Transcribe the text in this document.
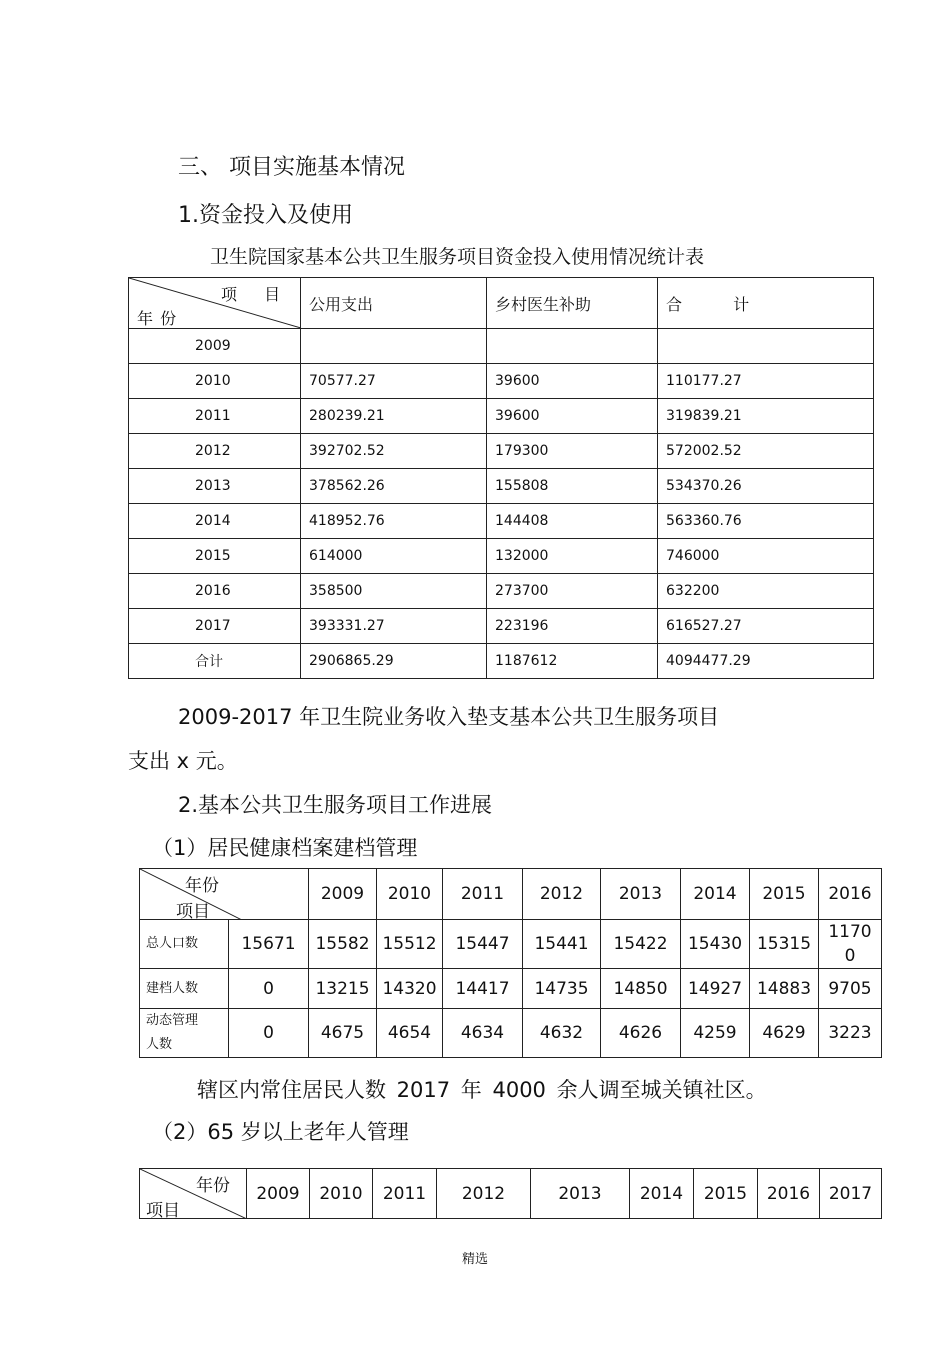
三、 项目实施基本情况
1.资金投入及使用
卫生院国家基本公共卫生服务项目资金投入使用情况统计表
项 目
年 份	公用支出	乡村医生补助	合 计
2009			
2010	70577.27	39600	110177.27
2011	280239.21	39600	319839.21
2012	392702.52	179300	572002.52
2013	378562.26	155808	534370.26
2014	418952.76	144408	563360.76
2015	614000	132000	746000
2016	358500	273700	632200
2017	393331.27	223196	616527.27
合计	2906865.29	1187612	4094477.29
2009-2017 年卫生院业务收入垫支基本公共卫生服务项目
支出 x 元。
2.基本公共卫生服务项目工作进展
（1）居民健康档案建档管理
年份
项目		2009	2010	2011	2012	2013	2014	2015	2016
总人口数	15671	15582	15512	15447	15441	15422	15430	15315	11700
建档人数	0	13215	14320	14417	14735	14850	14927	14883	9705
动态管理人数	0	4675	4654	4634	4632	4626	4259	4629	3223
辖区内常住居民人数 2017 年 4000 余人调至城关镇社区。
（2）65 岁以上老年人管理
年份
项目
	2009	2010	2011	2012	2013	2014	2015	2016	2017
精选
